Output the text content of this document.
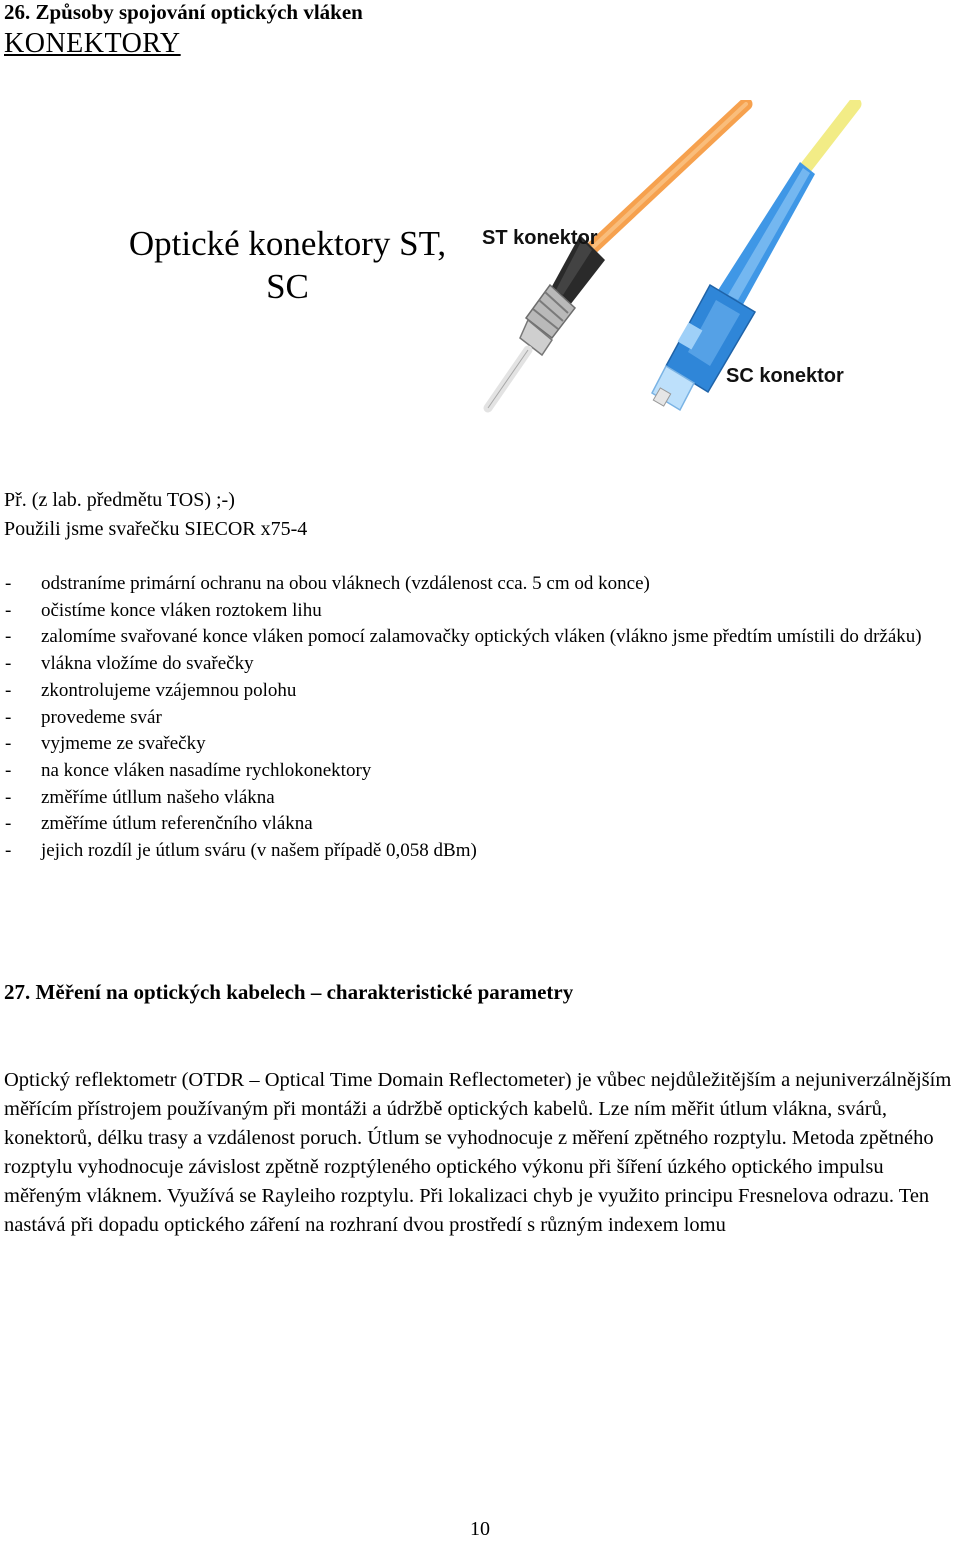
26. Způsoby spojování optických vláken
KONEKTORY
Optické konektory ST,
SC
ST konektor
SC konektor
Př. (z lab. předmětu TOS) ;-)
Použili jsme svařečku SIECOR x75-4
- odstraníme primární ochranu na obou vláknech (vzdálenost cca. 5 cm od konce)
- očistíme konce vláken roztokem lihu
- zalomíme svařované konce vláken pomocí zalamovačky optických vláken (vlákno jsme předtím umístili do držáku)
- vlákna vložíme do svařečky
- zkontrolujeme vzájemnou polohu
- provedeme svár
- vyjmeme ze svařečky
- na konce vláken nasadíme rychlokonektory
- změříme útllum našeho vlákna
- změříme útlum referenčního vlákna
- jejich rozdíl je útlum sváru (v našem případě 0,058 dBm)
27. Měření na optických kabelech – charakteristické parametry

Optický reflektometr (OTDR – Optical Time Domain Reflectometer) je vůbec nejdůležitějším a nejuniverzálnějším měřícím přístrojem používaným při montáži a údržbě optických kabelů. Lze ním měřit útlum vlákna, svárů, konektorů, délku trasy a vzdálenost poruch. Útlum se vyhodnocuje z měření zpětného rozptylu. Metoda zpětného rozptylu vyhodnocuje závislost zpětně rozptýleného optického výkonu při šíření úzkého optického impulsu měřeným vláknem. Využívá se Rayleiho rozptylu. Při lokalizaci chyb je využito principu Fresnelova odrazu. Ten nastává při dopadu optického záření na rozhraní dvou prostředí s různým indexem lomu

10
